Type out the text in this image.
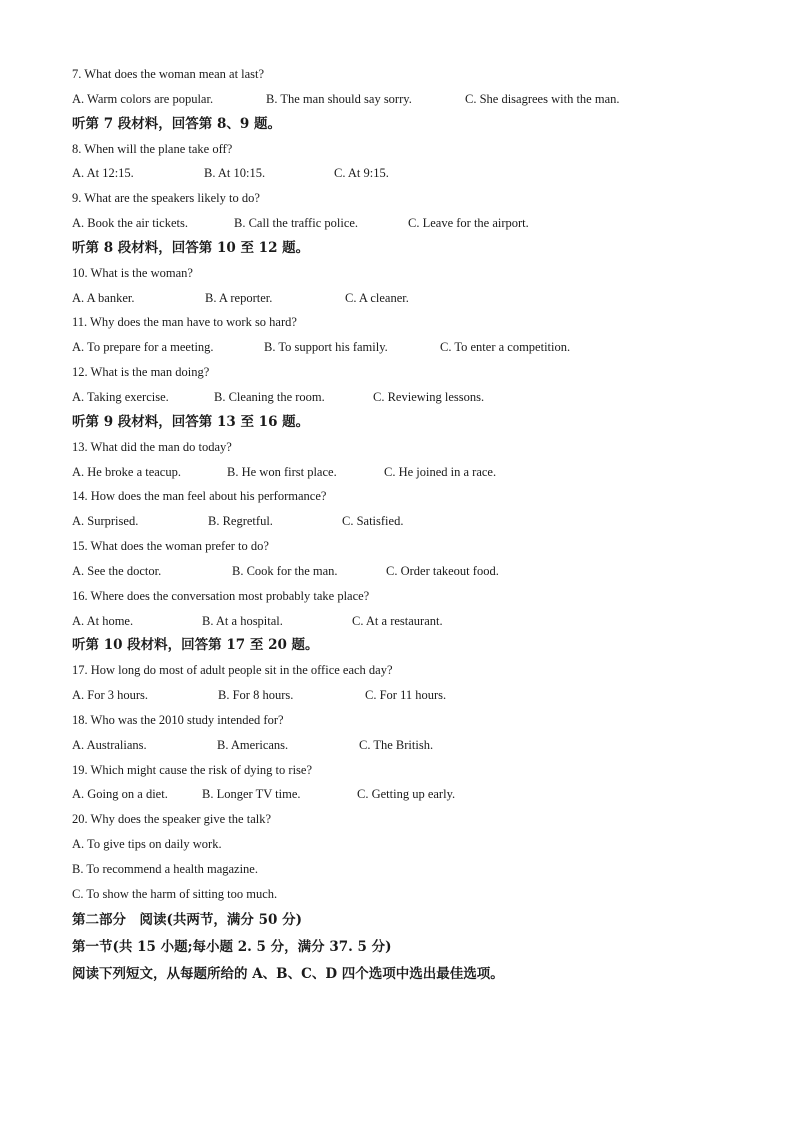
7. What does the woman mean at last?
A. Warm colors are popular.	B. The man should say sorry.	C. She disagrees with the man.
听第 7 段材料，回答第 8、9 题。
8. When will the plane take off?
A. At 12:15.	B. At 10:15.	C. At 9:15.
9. What are the speakers likely to do?
A. Book the air tickets.	B. Call the traffic police.	C. Leave for the airport.
听第 8 段材料，回答第 10 至 12 题。
10. What is the woman?
A. A banker.	B. A reporter.	C. A cleaner.
11. Why does the man have to work so hard?
A. To prepare for a meeting.	B. To support his family.	C. To enter a competition.
12. What is the man doing?
A. Taking exercise.	B. Cleaning the room.	C. Reviewing lessons.
听第 9 段材料，回答第 13 至 16 题。
13. What did the man do today?
A. He broke a teacup.	B. He won first place.	C. He joined in a race.
14. How does the man feel about his performance?
A. Surprised.	B. Regretful.	C. Satisfied.
15. What does the woman prefer to do?
A. See the doctor.	B. Cook for the man.	C. Order takeout food.
16. Where does the conversation most probably take place?
A. At home.	B. At a hospital.	C. At a restaurant.
听第 10 段材料，回答第 17 至 20 题。
17. How long do most of adult people sit in the office each day?
A. For 3 hours.	B. For 8 hours.	C. For 11 hours.
18. Who was the 2010 study intended for?
A. Australians.	B. Americans.	C. The British.
19. Which might cause the risk of dying to rise?
A. Going on a diet.	B. Longer TV time.	C. Getting up early.
20. Why does the speaker give the talk?
A. To give tips on daily work.
B. To recommend a health magazine.
C. To show the harm of sitting too much.
第二部分　阅读(共两节，满分 50 分)
第一节(共 15 小题;每小题 2. 5 分，满分 37. 5 分)
阅读下列短文，从每题所给的 A、B、C、D 四个选项中选出最佳选项。
